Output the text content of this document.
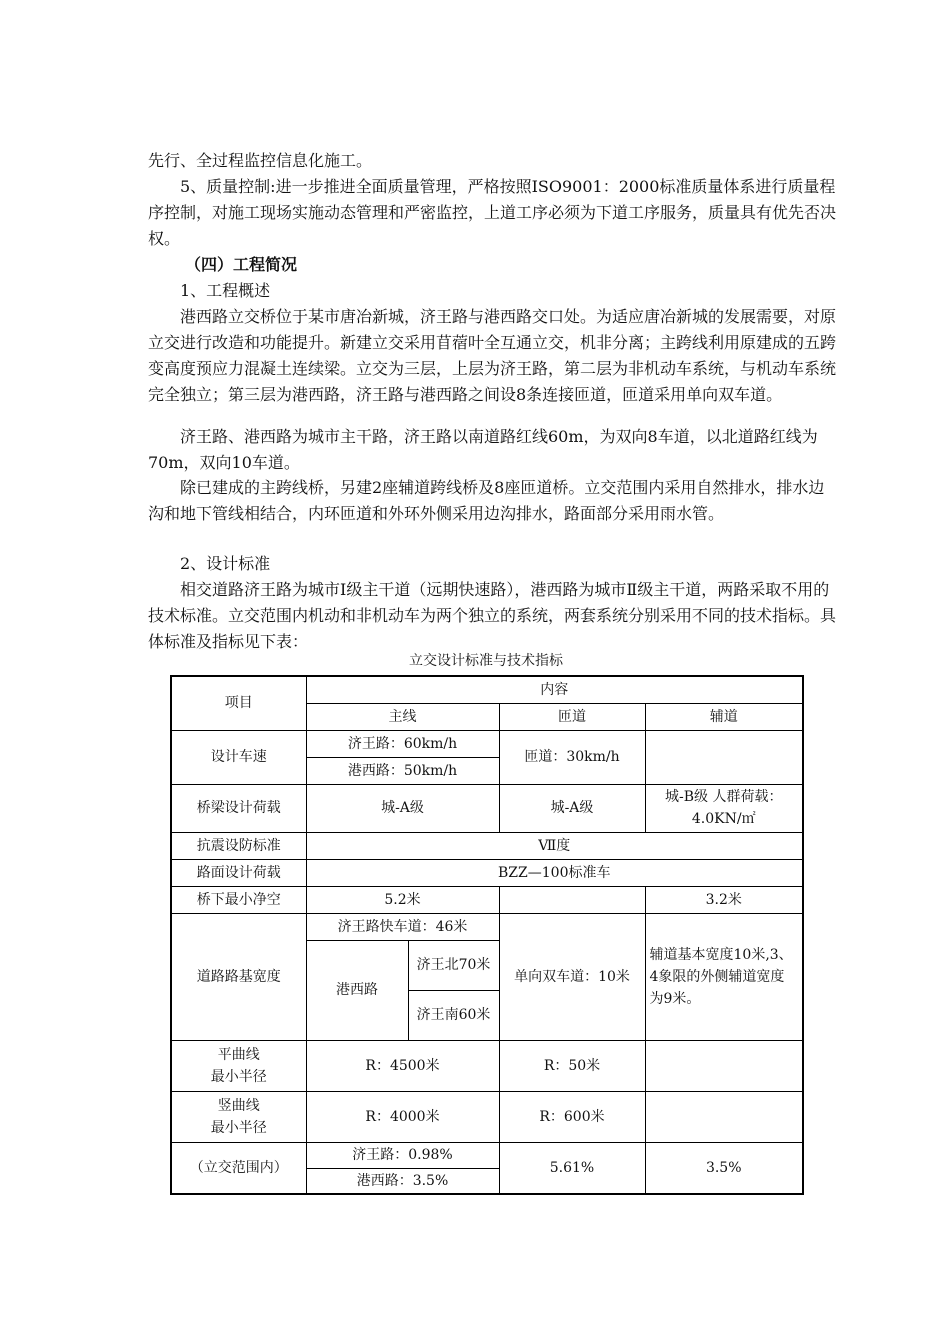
先行、全过程监控信息化施工。

5、质量控制:进一步推进全面质量管理，严格按照ISO9001：2000标准质量体系进行质量程序控制，对施工现场实施动态管理和严密监控，上道工序必须为下道工序服务，质量具有优先否决权。

（四）工程简况

1、工程概述

港西路立交桥位于某市唐冶新城，济王路与港西路交口处。为适应唐冶新城的发展需要，对原立交进行改造和功能提升。新建立交采用苜蓿叶全互通立交，机非分离；主跨线利用原建成的五跨变高度预应力混凝土连续梁。立交为三层，上层为济王路，第二层为非机动车系统，与机动车系统完全独立；第三层为港西路，济王路与港西路之间设8条连接匝道，匝道采用单向双车道。

济王路、港西路为城市主干路，济王路以南道路红线60m，为双向8车道，以北道路红线为70m，双向10车道。

除已建成的主跨线桥，另建2座辅道跨线桥及8座匝道桥。立交范围内采用自然排水，排水边沟和地下管线相结合，内环匝道和外环外侧采用边沟排水，路面部分采用雨水管。

2、设计标准

相交道路济王路为城市Ⅰ级主干道（远期快速路），港西路为城市Ⅱ级主干道，两路采取不用的技术标准。立交范围内机动和非机动车为两个独立的系统，两套系统分别采用不同的技术指标。具体标准及指标见下表：

立交设计标准与技术指标

项目	内容			
	主线		匝道	辅道
设计车速	济王路：60km/h		匝道：30km/h	
	港西路：50km/h			
桥梁设计荷载	城-A级		城-A级	城-B级 人群荷载：4.0KN/㎡
抗震设防标准	Ⅶ度			
路面设计荷载	BZZ—100标准车			
桥下最小净空	5.2米			3.2米
道路路基宽度	济王路快车道：46米		单向双车道：10米	辅道基本宽度10米,3、4象限的外侧辅道宽度为9米。
	港西路	济王北70米		
		济王南60米		

平曲线
最小半径	R：4500米		R：50米	

竖曲线
最小半径	R：4000米		R：600米	
（立交范围内）	济王路：0.98%		5.61%	3.5%
	港西路：3.5%			
